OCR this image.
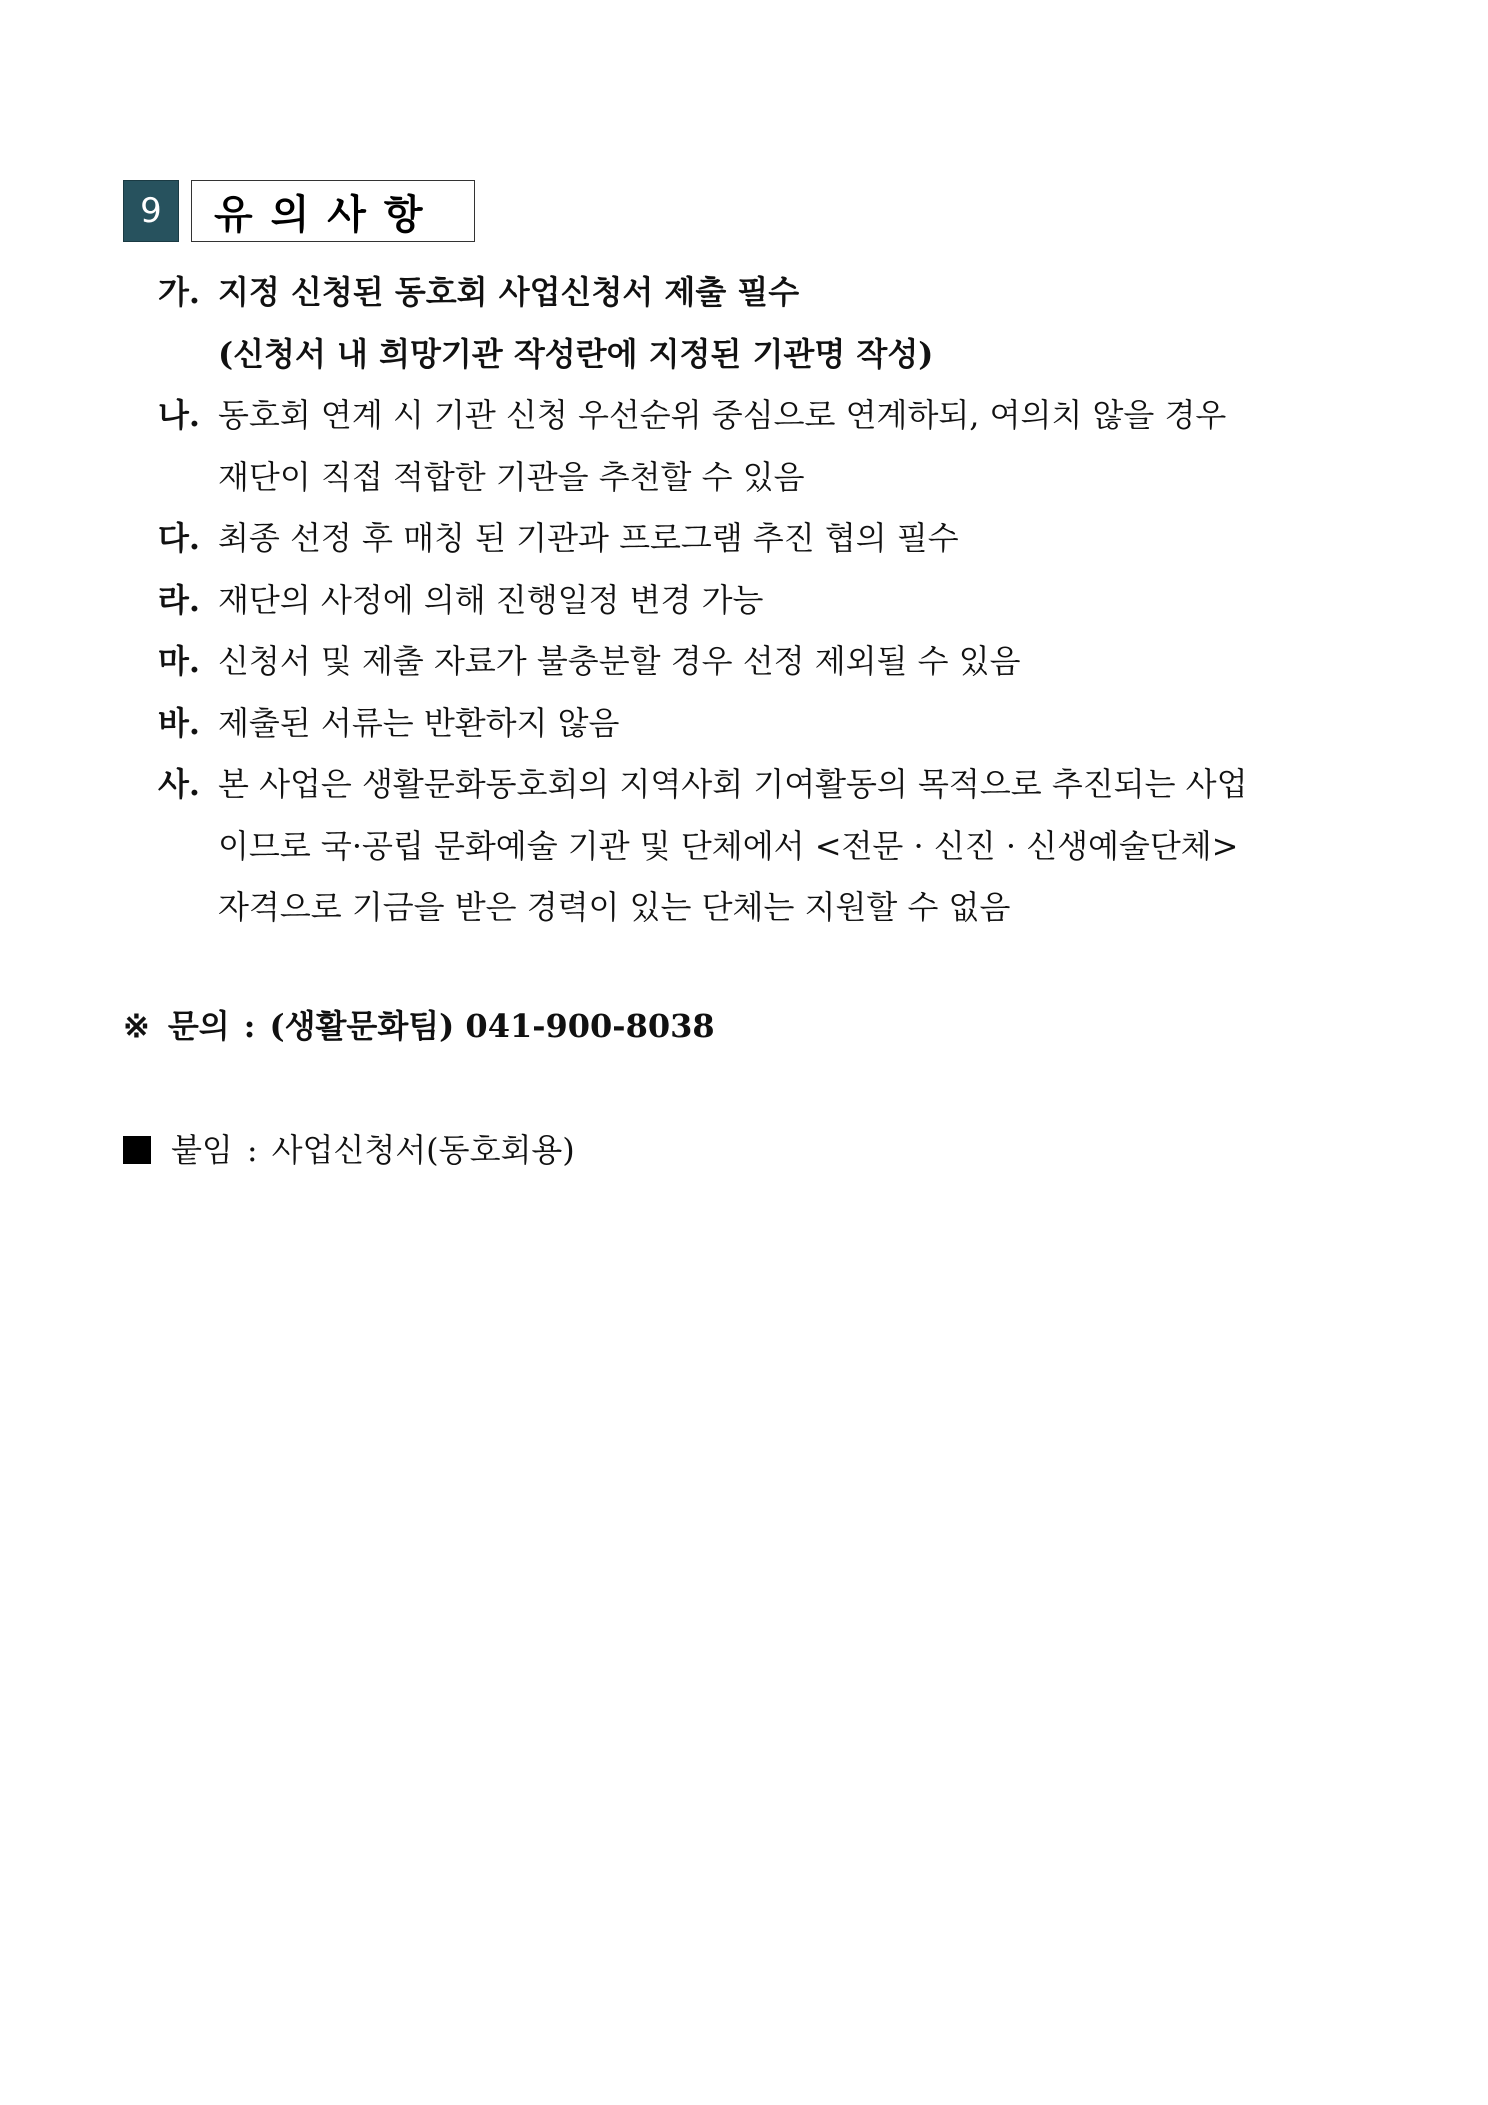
9	유의사항
가. 지정 신청된 동호회 사업신청서 제출 필수
(신청서 내 희망기관 작성란에 지정된 기관명 작성)
나. 동호회 연계 시 기관 신청 우선순위 중심으로 연계하되, 여의치 않을 경우
재단이 직접 적합한 기관을 추천할 수 있음
다. 최종 선정 후 매칭 된 기관과 프로그램 추진 협의 필수
라. 재단의 사정에 의해 진행일정 변경 가능
마. 신청서 및 제출 자료가 불충분할 경우 선정 제외될 수 있음
바. 제출된 서류는 반환하지 않음
사. 본 사업은 생활문화동호회의 지역사회 기여활동의 목적으로 추진되는 사업
이므로 국·공립 문화예술 기관 및 단체에서 <전문 · 신진 · 신생예술단체>
자격으로 기금을 받은 경력이 있는 단체는 지원할 수 없음
※ 문의 : (생활문화팀) 041-900-8038
붙임 : 사업신청서(동호회용)
